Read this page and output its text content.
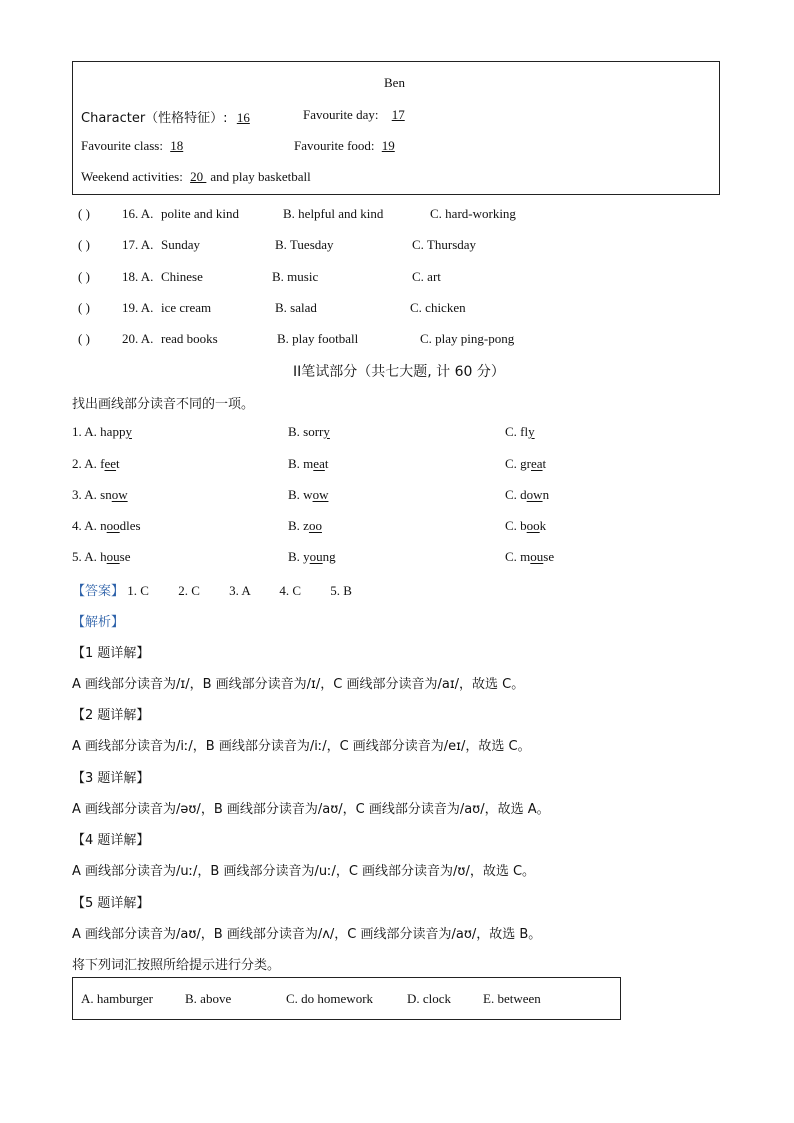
Ben
Character（性格特征）: 16	Favourite day: 17
Favourite class: 18	Favourite food: 19
Weekend activities: 20 and play basketball
( ) 16. A. polite and kind	B. helpful and kind	C. hard-working
( ) 17. A. Sunday	B. Tuesday	C. Thursday
( ) 18. A. Chinese	B. music	C. art
( ) 19. A. ice cream	B. salad	C. chicken
( ) 20. A. read books	B. play football	C. play ping-pong
II笔试部分（共七大题, 计 60 分）
找出画线部分读音不同的一项。
1. A. happy	B. sorry	C. fly
2. A. feet	B. meat	C. great
3. A. snow	B. wow	C. down
4. A. noodles	B. zoo	C. book
5. A. house	B. young	C. mouse
【答案】 1. C 2. C 3. A 4. C 5. B
【解析】
【1 题详解】
A 画线部分读音为/ɪ/，B 画线部分读音为/ɪ/，C 画线部分读音为/aɪ/，故选 C。
【2 题详解】
A 画线部分读音为/iː/，B 画线部分读音为/iː/，C 画线部分读音为/eɪ/，故选 C。
【3 题详解】
A 画线部分读音为/əʊ/，B 画线部分读音为/aʊ/，C 画线部分读音为/aʊ/，故选 A。
【4 题详解】
A 画线部分读音为/uː/，B 画线部分读音为/uː/，C 画线部分读音为/ʊ/，故选 C。
【5 题详解】
A 画线部分读音为/aʊ/，B 画线部分读音为/ʌ/，C 画线部分读音为/aʊ/，故选 B。
将下列词汇按照所给提示进行分类。
A. hamburger B. above	C. do homework	D. clock E. between
